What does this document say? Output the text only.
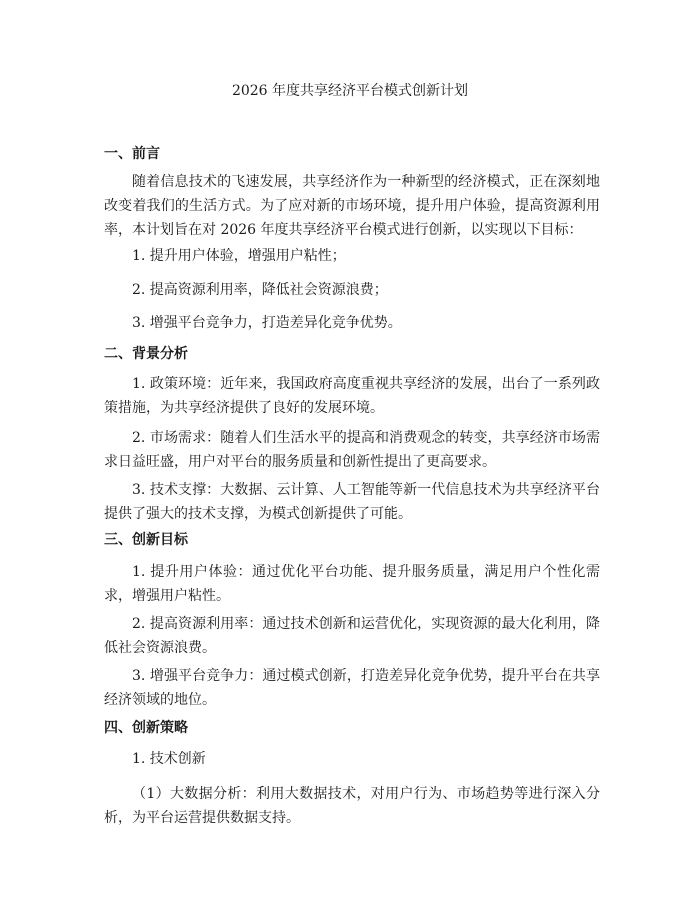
2026 年度共享经济平台模式创新计划
一、前言
随着信息技术的飞速发展，共享经济作为一种新型的经济模式，正在深刻地改变着我们的生活方式。为了应对新的市场环境，提升用户体验，提高资源利用率，本计划旨在对 2026 年度共享经济平台模式进行创新，以实现以下目标：
1. 提升用户体验，增强用户粘性；
2. 提高资源利用率，降低社会资源浪费；
3. 增强平台竞争力，打造差异化竞争优势。
二、背景分析
1. 政策环境：近年来，我国政府高度重视共享经济的发展，出台了一系列政策措施，为共享经济提供了良好的发展环境。
2. 市场需求：随着人们生活水平的提高和消费观念的转变，共享经济市场需求日益旺盛，用户对平台的服务质量和创新性提出了更高要求。
3. 技术支撑：大数据、云计算、人工智能等新一代信息技术为共享经济平台提供了强大的技术支撑，为模式创新提供了可能。
三、创新目标
1. 提升用户体验：通过优化平台功能、提升服务质量，满足用户个性化需求，增强用户粘性。
2. 提高资源利用率：通过技术创新和运营优化，实现资源的最大化利用，降低社会资源浪费。
3. 增强平台竞争力：通过模式创新，打造差异化竞争优势，提升平台在共享经济领域的地位。
四、创新策略
1. 技术创新
（1）大数据分析：利用大数据技术，对用户行为、市场趋势等进行深入分析，为平台运营提供数据支持。
